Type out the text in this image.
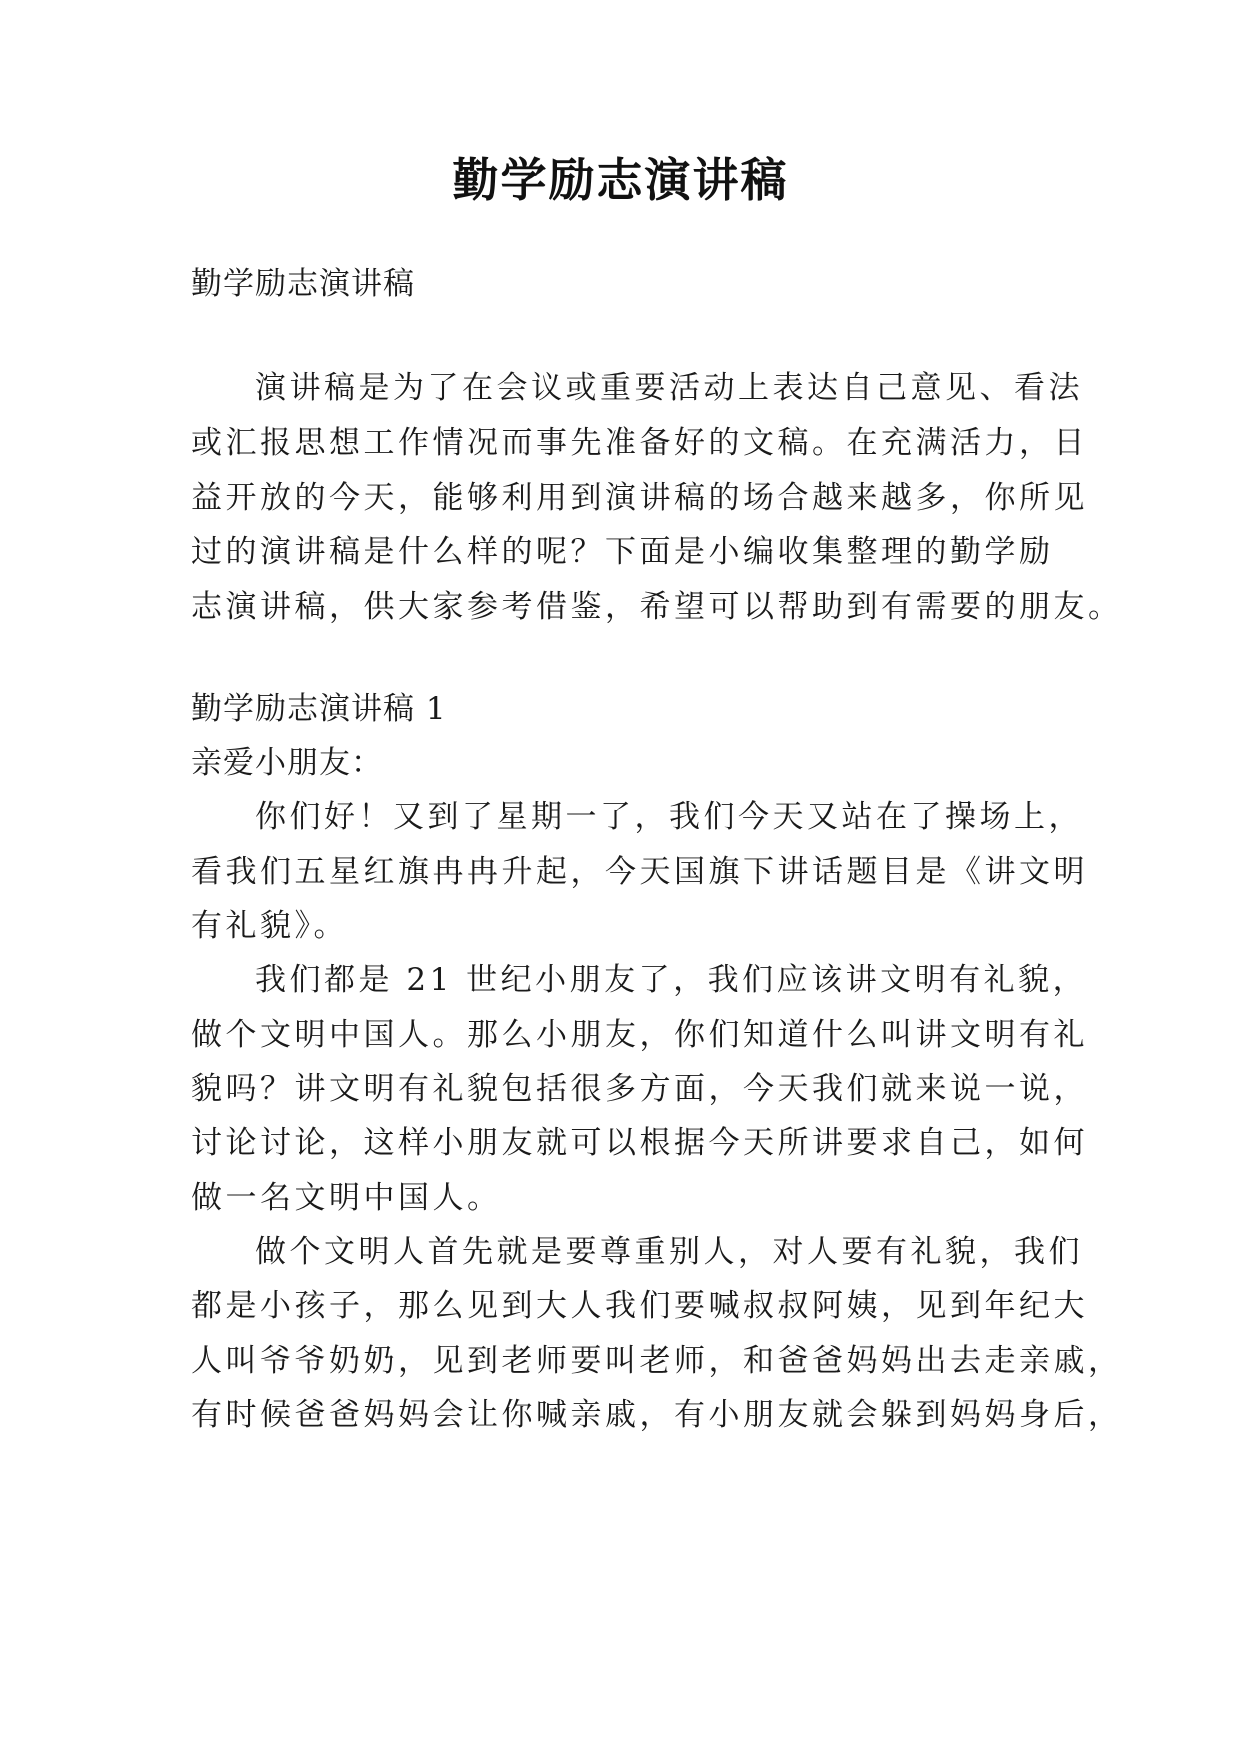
勤学励志演讲稿
勤学励志演讲稿
演讲稿是为了在会议或重要活动上表达自己意见、看法
或汇报思想工作情况而事先准备好的文稿。在充满活力，日
益开放的今天，能够利用到演讲稿的场合越来越多，你所见
过的演讲稿是什么样的呢？下面是小编收集整理的勤学励
志演讲稿，供大家参考借鉴，希望可以帮助到有需要的朋友。
勤学励志演讲稿 1
亲爱小朋友：
你们好！又到了星期一了，我们今天又站在了操场上，
看我们五星红旗冉冉升起，今天国旗下讲话题目是《讲文明
有礼貌》。
我们都是 21 世纪小朋友了，我们应该讲文明有礼貌，
做个文明中国人。那么小朋友，你们知道什么叫讲文明有礼
貌吗？讲文明有礼貌包括很多方面，今天我们就来说一说，
讨论讨论，这样小朋友就可以根据今天所讲要求自己，如何
做一名文明中国人。
做个文明人首先就是要尊重别人，对人要有礼貌，我们
都是小孩子，那么见到大人我们要喊叔叔阿姨，见到年纪大
人叫爷爷奶奶，见到老师要叫老师，和爸爸妈妈出去走亲戚，
有时候爸爸妈妈会让你喊亲戚，有小朋友就会躲到妈妈身后，
